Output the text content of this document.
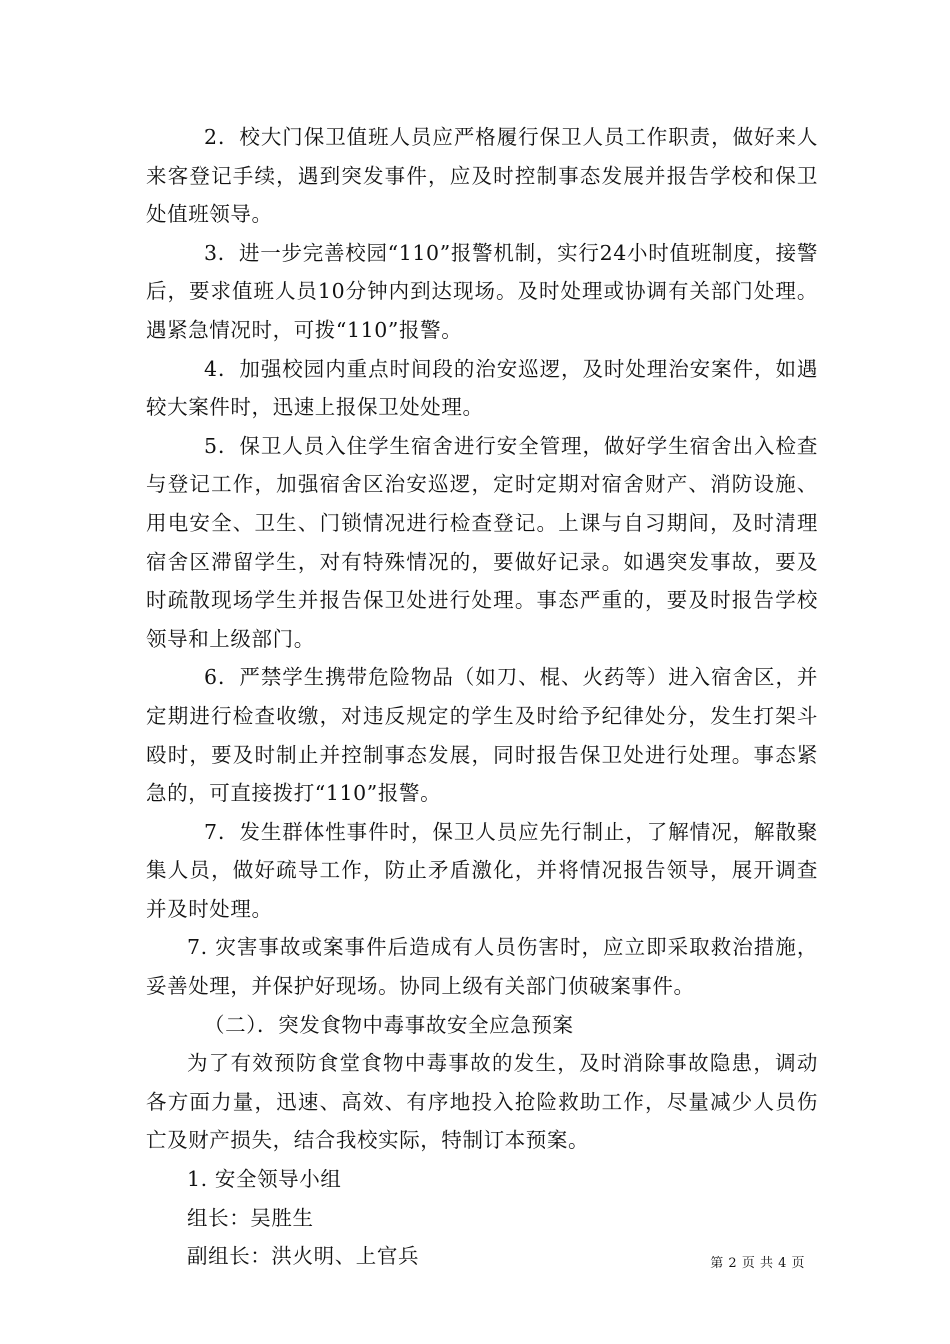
2．校大门保卫值班人员应严格履行保卫人员工作职责，做好来人来客登记手续，遇到突发事件，应及时控制事态发展并报告学校和保卫处值班领导。

3．进一步完善校园“110”报警机制，实行24小时值班制度，接警后，要求值班人员10分钟内到达现场。及时处理或协调有关部门处理。遇紧急情况时，可拨“110”报警。

4．加强校园内重点时间段的治安巡逻，及时处理治安案件，如遇较大案件时，迅速上报保卫处处理。

5．保卫人员入住学生宿舍进行安全管理，做好学生宿舍出入检查与登记工作，加强宿舍区治安巡逻，定时定期对宿舍财产、消防设施、用电安全、卫生、门锁情况进行检查登记。上课与自习期间，及时清理宿舍区滞留学生，对有特殊情况的，要做好记录。如遇突发事故，要及时疏散现场学生并报告保卫处进行处理。事态严重的，要及时报告学校领导和上级部门。

6．严禁学生携带危险物品（如刀、棍、火药等）进入宿舍区，并定期进行检查收缴，对违反规定的学生及时给予纪律处分，发生打架斗殴时，要及时制止并控制事态发展，同时报告保卫处进行处理。事态紧急的，可直接拨打“110”报警。

7．发生群体性事件时，保卫人员应先行制止，了解情况，解散聚集人员，做好疏导工作，防止矛盾激化，并将情况报告领导，展开调查并及时处理。

7. 灾害事故或案事件后造成有人员伤害时，应立即采取救治措施，妥善处理，并保护好现场。协同上级有关部门侦破案事件。

（二）．突发食物中毒事故安全应急预案

为了有效预防食堂食物中毒事故的发生，及时消除事故隐患，调动各方面力量，迅速、高效、有序地投入抢险救助工作，尽量减少人员伤亡及财产损失，结合我校实际，特制订本预案。

1. 安全领导小组

组长：吴胜生

副组长：洪火明、上官兵	第 2 页 共 4 页
